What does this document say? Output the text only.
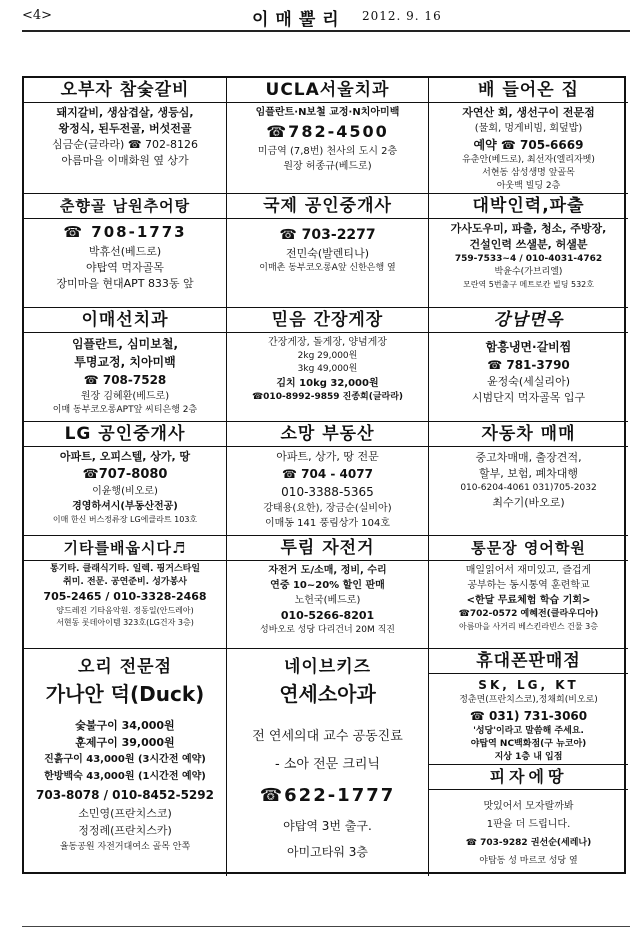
<4>	이매뿔리 2012. 9. 16
오부자 참숯갈비
돼지갈비, 생삼겹살, 생등심,
왕정식, 된두전골, 버섯전골
심금순(글라라) ☎ 702-8126
아름마을 이매화원 옆 상가
UCLA서울치과
임플란트·N보철 교정·N치아미백
☎782-4500
미금역 (7,8번) 천사의 도시 2층
원장 허종규(베드로)
배 들어온 집
자연산 회, 생선구이 전문점
(물회, 멍게비빔, 회덮밥)
예약 ☎ 705-6669
유춘안(베드로), 최선자(엘리자벳)
서현동 삼성생명 앞골목
아웃백 빌딩 2층
춘향골 남원추어탕
☎ 708-1773
박휴선(베드로)
야탑역 먹자골목
장미마을 현대APT 833동 앞
국제 공인중개사
☎ 703-2277
전민숙(발렌티나)
이매촌 동부코오롱A앞 신한은행 옆
대박인력,파출
가사도우미, 파출, 청소, 주방장,
건설인력 쓰샐분, 허샐분
759-7533~4 / 010-4031-4762
박윤수(가브리엘)
모란역 5번출구 메트로칸 빌딩 532호
이매선치과
임플란트, 심미보철,
투명교정, 치아미백
☎ 708-7528
원장 김혜환(베드로)
이매 동부코오롱APT앞 씨티은행 2층
믿음 간장게장
간장게장, 돌게장, 양념게장
2kg 29,000원
3kg 49,000원
김치 10kg 32,000원
☎010-8992-9859 진종희(글라라)
강남면옥
함흥냉면·갈비찜
☎ 781-3790
윤정숙(세실리아)
시범단지 먹자골목 입구
LG 공인중개사
아파트, 오피스텔, 상가, 땅
☎707-8080
이윤행(비오로)
경영하셔시(부동산전공)
이매 한신 버스정류장 LG에클라트 103호
소망 부동산
아파트, 상가, 땅 전문
☎ 704 - 4077
010-3388-5365
강태용(요한), 장금순(실비아)
이매동 141 풍림상가 104호
자동차 매매
중고차매매, 출장견적,
할부, 보험, 폐차대행
010-6204-4061 031)705-2032
최수기(바오로)
기타를배웁시다♬
통기타. 클래식기타. 일렉. 핑거스타일
취미. 전문. 공연준비. 성가봉사
705-2465 / 010-3328-2468
양드레진 기타음악원. 정동일(안드레아)
서현동 롯데아이템 323호(LG건자 3층)
투림 자전거
자전거 도/소매, 정비, 수리
연중 10~20% 할인 판매
노헌국(베드로)
010-5266-8201
성바오로 성당 다리건너 20M 직진
통문장 영어학원
매일읽어서 재미있고, 즐겁게
공부하는 동시통역 훈련학교
<한달 무료체험 학습 기회>
☎702-0572 예혜전(클라우디아)
아름마을 사거리 베스킨라빈스 건물 3층
오리 전문점
가나안 덕(Duck)
숯불구이 34,000원
훈제구이 39,000원
진흙구이 43,000원 (3시간전 예약)
한방백숙 43,000원 (1시간전 예약)
703-8078 / 010-8452-5292
소민영(프란치스코)
정정례(프란치스카)
율동공원 자전거대여소 골목 안쪽
네이브키즈
연세소아과
전 연세의대 교수 공동진료
- 소아 전문 크리닉
☎622-1777
야탑역 3번 출구.
아미고타워 3층
휴대폰판매점
SK, LG, KT
정춘면(프란치스코),정채희(비오로)
☎ 031) 731-3060
'성당'이라고 말씀해 주세요.
야탑역 NC백화점(구 뉴코아)
지상 1층 내 입점
피자에땅
맛있어서 모자랄까봐
1판을 더 드립니다.
☎ 703-9282 권선순(세레나)
야탑동 성 마르코 성당 옆
